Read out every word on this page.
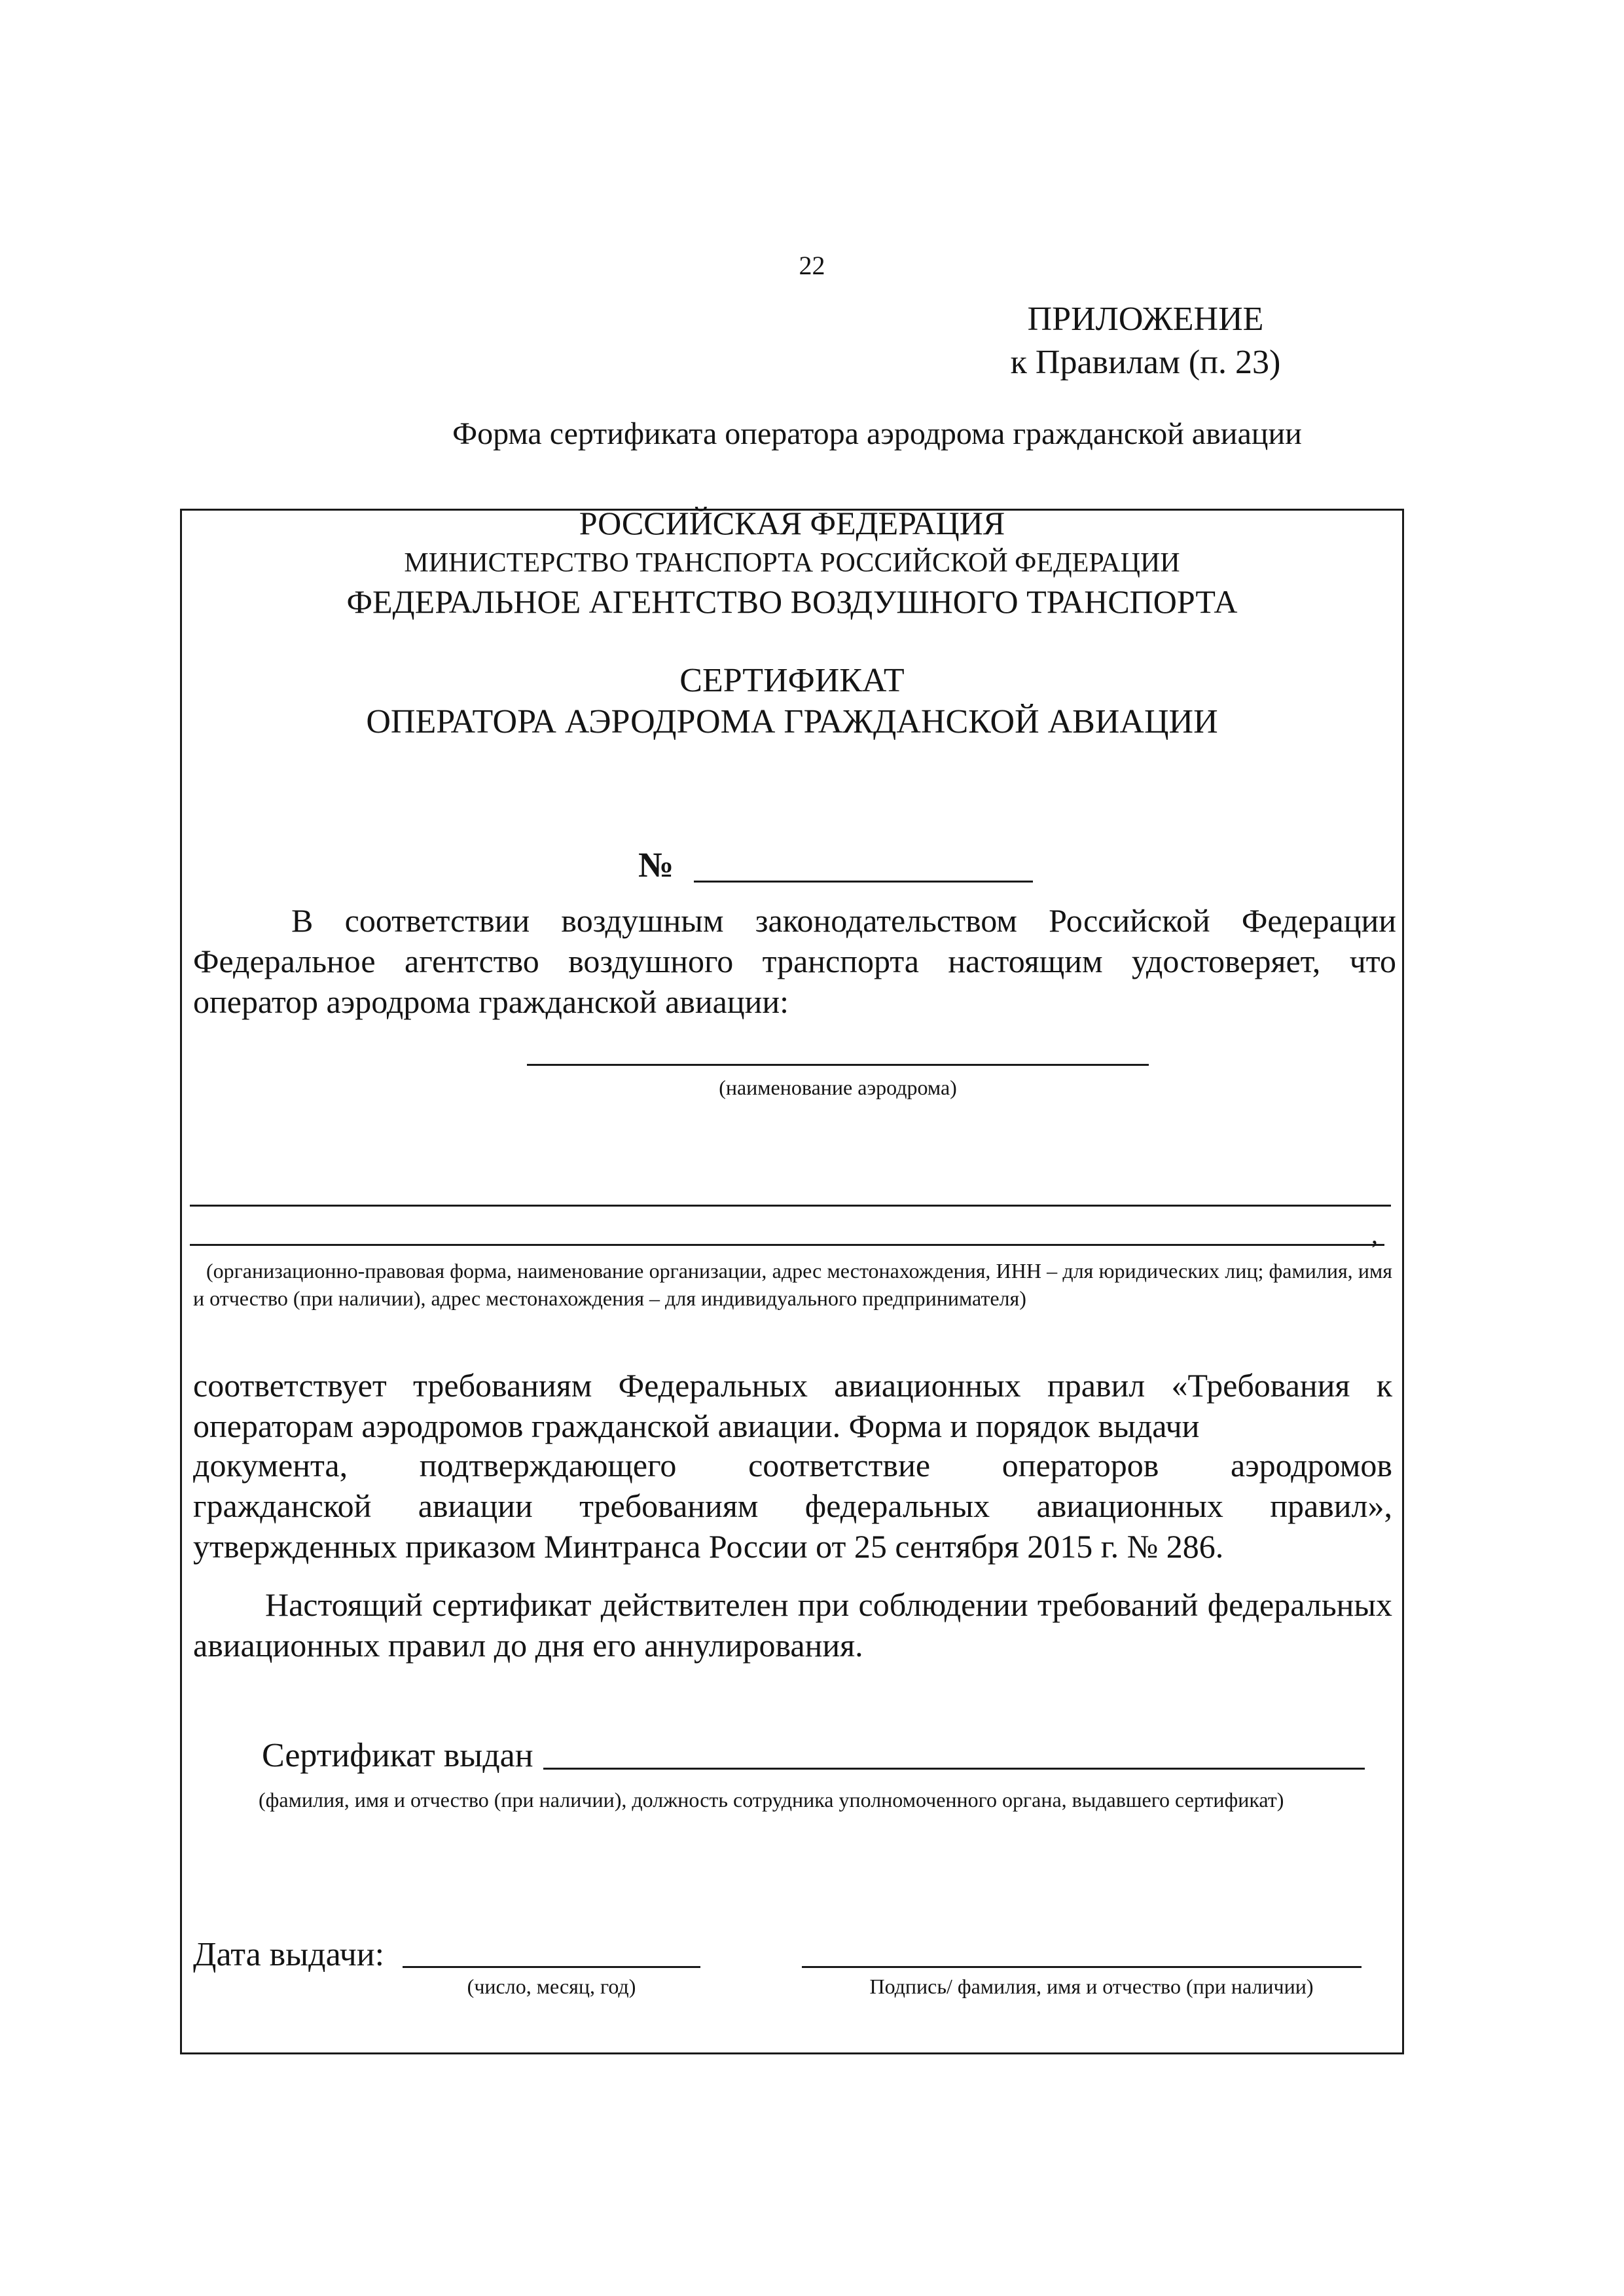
22
ПРИЛОЖЕНИЕ
к Правилам (п. 23)
Форма сертификата оператора аэродрома гражданской авиации
РОССИЙСКАЯ ФЕДЕРАЦИЯ
МИНИСТЕРСТВО ТРАНСПОРТА РОССИЙСКОЙ ФЕДЕРАЦИИ
ФЕДЕРАЛЬНОЕ АГЕНТСТВО ВОЗДУШНОГО ТРАНСПОРТА
СЕРТИФИКАТ
ОПЕРАТОРА АЭРОДРОМА ГРАЖДАНСКОЙ АВИАЦИИ
№
В соответствии воздушным законодательством Российской Федерации Федеральное агентство воздушного транспорта настоящим удостоверяет, что оператор аэродрома гражданской авиации:
(наименование аэродрома)
,
(организационно-правовая форма, наименование организации, адрес местонахождения, ИНН – для юридических лиц; фамилия, имя и отчество (при наличии), адрес местонахождения – для индивидуального предпринимателя)
соответствует требованиям Федеральных авиационных правил «Требования к операторам аэродромов гражданской авиации. Форма и порядок выдачи
документа, подтверждающего соответствие операторов аэродромов
гражданской авиации требованиям федеральных авиационных правил»,
утвержденных приказом Минтранса России от 25 сентября 2015 г. № 286.
Настоящий сертификат действителен при соблюдении требований федеральных авиационных правил до дня его аннулирования.
Сертификат выдан
(фамилия, имя и отчество (при наличии), должность сотрудника уполномоченного органа, выдавшего сертификат)
Дата выдачи:
(число, месяц, год)	Подпись/ фамилия, имя и отчество (при наличии)
